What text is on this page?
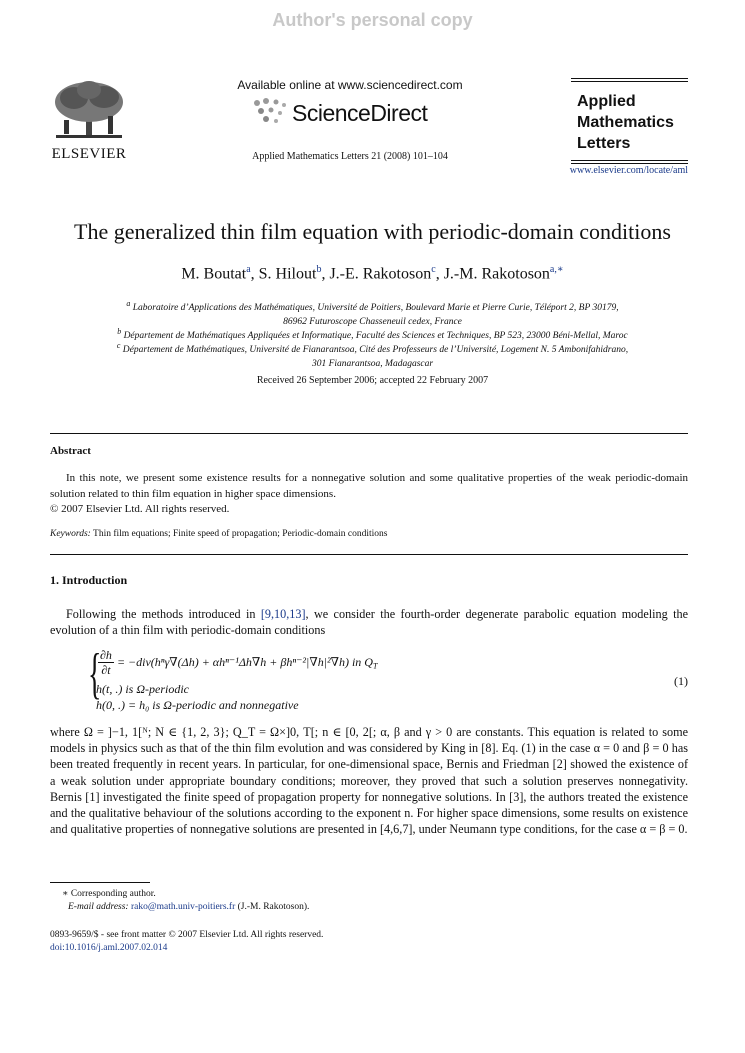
Author's personal copy
ELSEVIER
Available online at www.sciencedirect.com
ScienceDirect
Applied Mathematics Letters 21 (2008) 101–104
Applied
Mathematics
Letters
www.elsevier.com/locate/aml
The generalized thin film equation with periodic-domain conditions
M. Boutat$^a$, S. Hilout$^b$, J.-E. Rakotoson$^c$, J.-M. Rakotoson$^{a,∗}$
$^a$ Laboratoire d’Applications des Mathématiques, Université de Poitiers, Boulevard Marie et Pierre Curie, Téléport 2, BP 30179,
86962 Futuroscope Chasseneuil cedex, France
$^b$ Département de Mathématiques Appliquées et Informatique, Faculté des Sciences et Techniques, BP 523, 23000 Béni-Mellal, Maroc
$^c$ Département de Mathématiques, Université de Fianarantsoa, Cité des Professeurs de l’Université, Logement N. 5 Ambonifahidrano,
301 Fianarantsoa, Madagascar
Received 26 September 2006; accepted 22 February 2007
Abstract
In this note, we present some existence results for a nonnegative solution and some qualitative properties of the weak periodic-domain solution related to thin film equation in higher space dimensions.
© 2007 Elsevier Ltd. All rights reserved.
Keywords: Thin film equations; Finite speed of propagation; Periodic-domain conditions
1. Introduction
Following the methods introduced in [9,10,13], we consider the fourth-order degenerate parabolic equation modeling the evolution of a thin film with periodic-domain conditions
{
$\frac{\partial h}{\partial t} = -div(h^n\gamma\nabla(\Delta h) + \alpha h^{n-1}\Delta h\nabla h + \beta h^{n-2}|\nabla h|^2\nabla h)$ in $Q_T$
h(t, .) is Ω-periodic
h(0, .) = h₀ is Ω-periodic and nonnegative
(1)
where Ω = ]−1, 1[ᴺ; N ∈ {1, 2, 3}; Q_T = Ω×]0, T[; n ∈ [0, 2[; α, β and γ > 0 are constants. This equation is related to some models in physics such as that of the thin film evolution and was considered by King in [8]. Eq. (1) in the case α = 0 and β = 0 has been treated frequently in recent years. In particular, for one-dimensional space, Bernis and Friedman [2] showed the existence of a weak solution under appropriate boundary conditions; moreover, they proved that such a solution preserves nonnegativity. Bernis [1] investigated the finite speed of propagation property for nonnegative solutions. In [3], the authors treated the existence and the qualitative behaviour of the solutions according to the exponent n. For higher space dimensions, some results on existence and qualitative properties of nonnegative solutions are presented in [4,6,7], under Neumann type conditions, for the case α = β = 0.
∗ Corresponding author.
E-mail address: rako@math.univ-poitiers.fr (J.-M. Rakotoson).
0893-9659/$ - see front matter © 2007 Elsevier Ltd. All rights reserved.
doi:10.1016/j.aml.2007.02.014
